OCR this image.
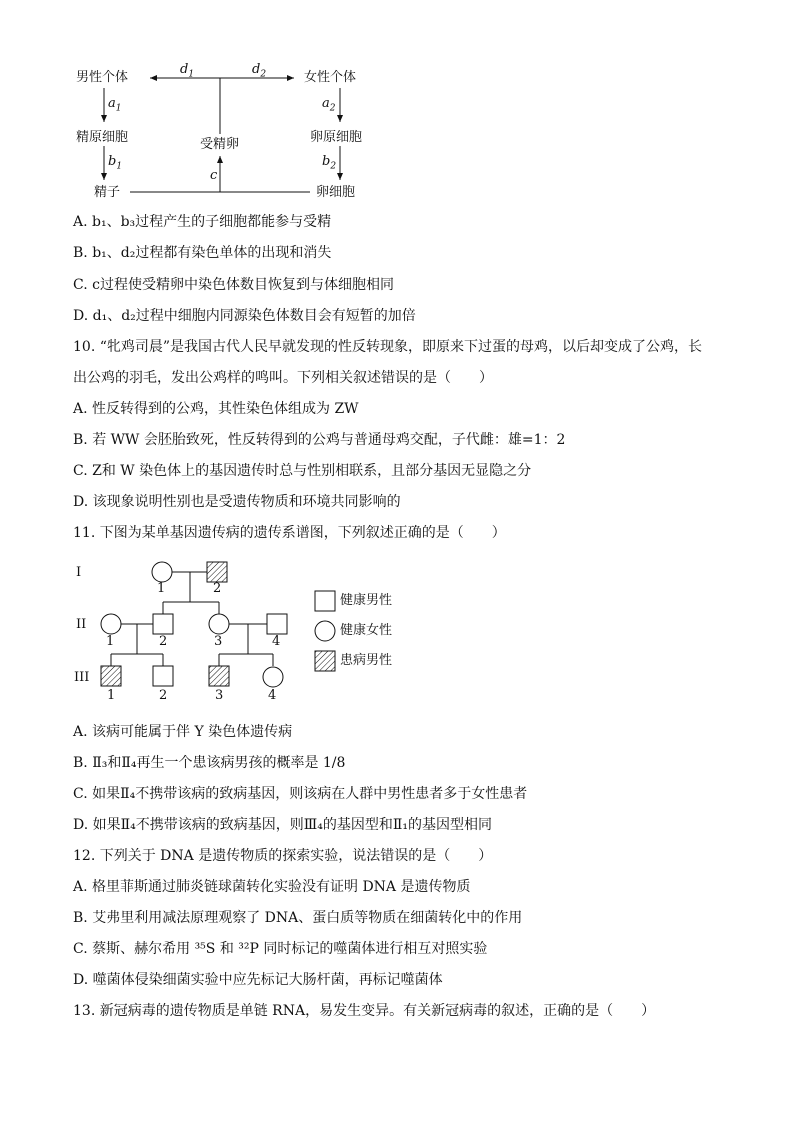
男性个体	女性个体
精原细胞	卵原细胞
精子	卵细胞
受精卵
$d_1$	$d_2$
$a_1$	$a_2$
$b_1$	$b_2$
c
A. b₁、b₃过程产生的子细胞都能参与受精
B. b₁、d₂过程都有染色单体的出现和消失
C. c过程使受精卵中染色体数目恢复到与体细胞相同
D. d₁、d₂过程中细胞内同源染色体数目会有短暂的加倍
10. “牝鸡司晨”是我国古代人民早就发现的性反转现象，即原来下过蛋的母鸡，以后却变成了公鸡，长
出公鸡的羽毛，发出公鸡样的鸣叫。下列相关叙述错误的是（　　）
A. 性反转得到的公鸡，其性染色体组成为 ZW
B. 若 WW 会胚胎致死，性反转得到的公鸡与普通母鸡交配，子代雌：雄=1：2
C. Z和 W 染色体上的基因遗传时总与性别相联系，且部分基因无显隐之分
D. 该现象说明性别也是受遗传物质和环境共同影响的
11. 下图为某单基因遗传病的遗传系谱图，下列叙述正确的是（　　）
I
II
III
1	2
1	2	3	4
1	2	3	4
健康男性
健康女性
患病男性
A. 该病可能属于伴 Y 染色体遗传病
B. Ⅱ₃和Ⅱ₄再生一个患该病男孩的概率是 1/8
C. 如果Ⅱ₄不携带该病的致病基因，则该病在人群中男性患者多于女性患者
D. 如果Ⅱ₄不携带该病的致病基因，则Ⅲ₄的基因型和Ⅱ₁的基因型相同
12. 下列关于 DNA 是遗传物质的探索实验，说法错误的是（　　）
A. 格里菲斯通过肺炎链球菌转化实验没有证明 DNA 是遗传物质
B. 艾弗里利用减法原理观察了 DNA、蛋白质等物质在细菌转化中的作用
C. 蔡斯、赫尔希用 ³⁵S 和 ³²P 同时标记的噬菌体进行相互对照实验
D. 噬菌体侵染细菌实验中应先标记大肠杆菌，再标记噬菌体
13. 新冠病毒的遗传物质是单链 RNA，易发生变异。有关新冠病毒的叙述，正确的是（　　）
